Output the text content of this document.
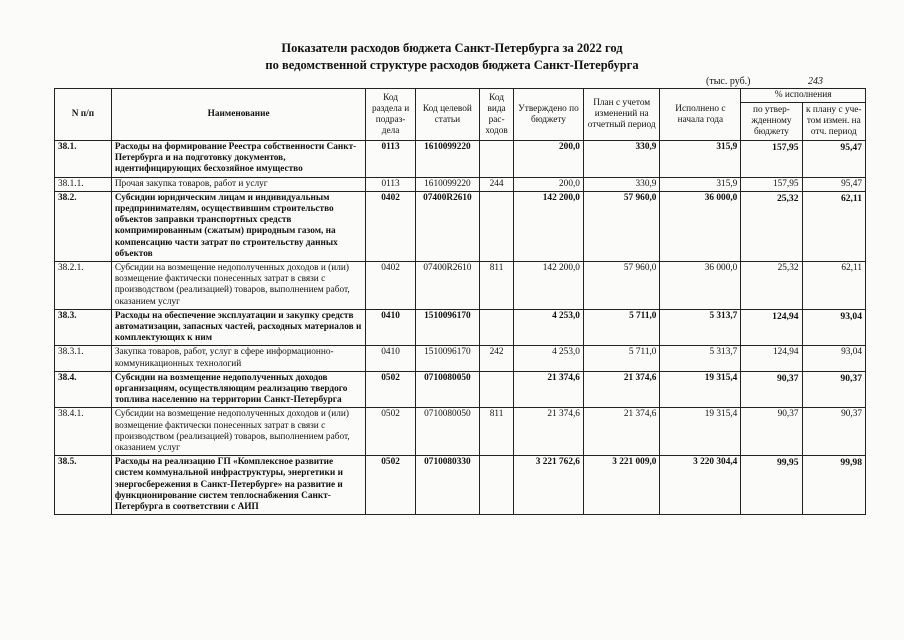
Показатели расходов бюджета Санкт-Петербурга за 2022 год
по ведомственной структуре расходов бюджета Санкт-Петербурга
(тыс. руб.)	243
N п/п	Наименование	Код раздела и подраз-дела	Код целевой статьи	Код вида рас-ходов	Утверждено по бюджету	План с учетом изменений на отчетный период	Исполнено с начала года	% исполнения	
								по утвер-жденному бюджету	к плану с уче-том измен. на отч. период
38.1.	Расходы на формирование Реестра собственности Санкт-Петербурга и на подготовку документов, идентифицирующих бесхозяйное имущество	0113	1610099220		200,0	330,9	315,9	157,95	95,47
38.1.1.	Прочая закупка товаров, работ и услуг	0113	1610099220	244	200,0	330,9	315,9	157,95	95,47
38.2.	Субсидии юридическим лицам и индивидуальным предпринимателям, осуществившим строительство объектов заправки транспортных средств компримированным (сжатым) природным газом, на компенсацию части затрат по строительству данных объектов	0402	07400R2610		142 200,0	57 960,0	36 000,0	25,32	62,11
38.2.1.	Субсидии на возмещение недополученных доходов и (или) возмещение фактически понесенных затрат в связи с производством (реализацией) товаров, выполнением работ, оказанием услуг	0402	07400R2610	811	142 200,0	57 960,0	36 000,0	25,32	62,11
38.3.	Расходы на обеспечение эксплуатации и закупку средств автоматизации, запасных частей, расходных материалов и комплектующих к ним	0410	1510096170		4 253,0	5 711,0	5 313,7	124,94	93,04
38.3.1.	Закупка товаров, работ, услуг в сфере информационно-коммуникационных технологий	0410	1510096170	242	4 253,0	5 711,0	5 313,7	124,94	93,04
38.4.	Субсидии на возмещение недополученных доходов организациям, осуществляющим реализацию твердого топлива населению на территории Санкт-Петербурга	0502	0710080050		21 374,6	21 374,6	19 315,4	90,37	90,37
38.4.1.	Субсидии на возмещение недополученных доходов и (или) возмещение фактически понесенных затрат в связи с производством (реализацией) товаров, выполнением работ, оказанием услуг	0502	0710080050	811	21 374,6	21 374,6	19 315,4	90,37	90,37
38.5.	Расходы на реализацию ГП «Комплексное развитие систем коммунальной инфраструктуры, энергетики и энергосбережения в Санкт-Петербурге» на развитие и функционирование систем теплоснабжения Санкт-Петербурга в соответствии с АИП	0502	0710080330		3 221 762,6	3 221 009,0	3 220 304,4	99,95	99,98
